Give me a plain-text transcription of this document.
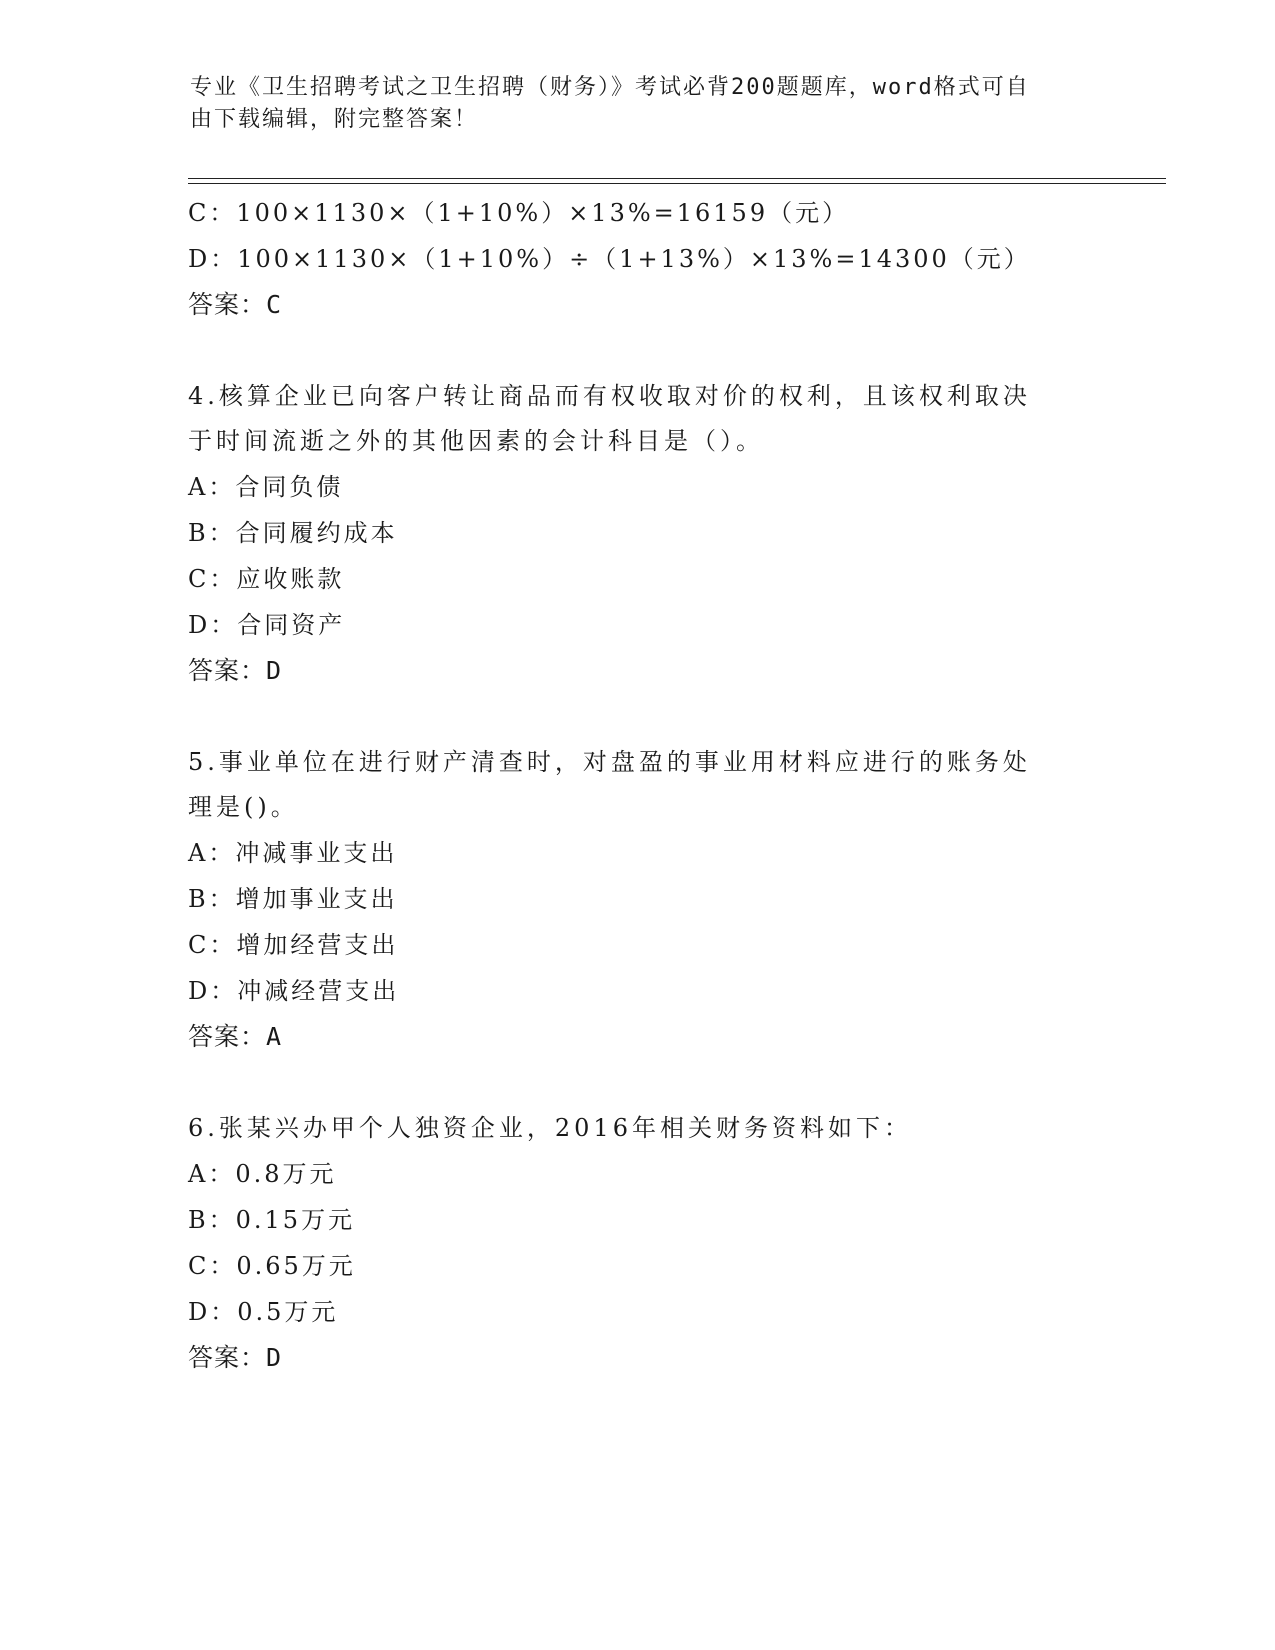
专业《卫生招聘考试之卫生招聘（财务）》考试必背200题题库，word格式可自
由下载编辑，附完整答案！
C：100×1130×（1+10%）×13%=16159（元）
D：100×1130×（1+10%）÷（1+13%）×13%=14300（元）
答案：C
4.核算企业已向客户转让商品而有权收取对价的权利，且该权利取决
于时间流逝之外的其他因素的会计科目是（）。
A：合同负债
B：合同履约成本
C：应收账款
D：合同资产
答案：D
5.事业单位在进行财产清查时，对盘盈的事业用材料应进行的账务处
理是()。
A：冲减事业支出
B：增加事业支出
C：增加经营支出
D：冲减经营支出
答案：A
6.张某兴办甲个人独资企业，2016年相关财务资料如下：
A：0.8万元
B：0.15万元
C：0.65万元
D：0.5万元
答案：D
